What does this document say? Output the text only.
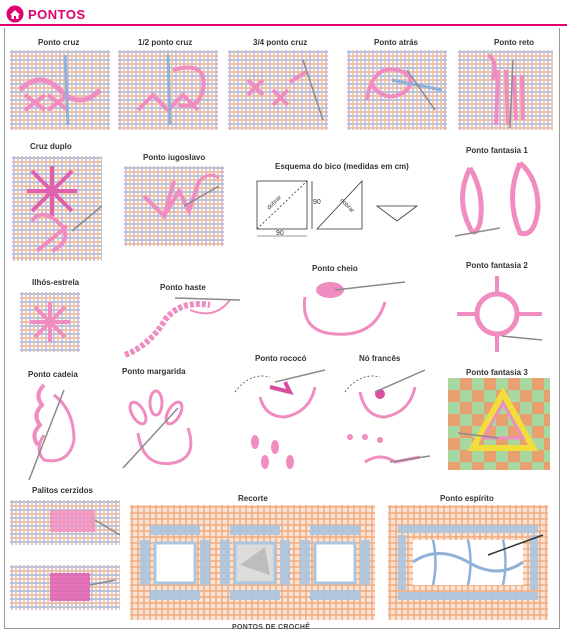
PONTOS
Ponto cruz	1/2 ponto cruz	3/4 ponto cruz	Ponto atrás	Ponto reto
Cruz duplo
Ponto iugoslavo
Esquema do bico (medidas em cm)
dobrar	dobrar
90
90
Ponto fantasia 1
Ilhós-estrela
Ponto haste
Ponto cheio	Ponto fantasia 2
Ponto cadeia	Ponto margarida
Ponto rococó	Nó francês
Ponto fantasia 3
Palitos cerzidos
Recorte	Ponto espírito
PONTOS DE CROCHÊ
